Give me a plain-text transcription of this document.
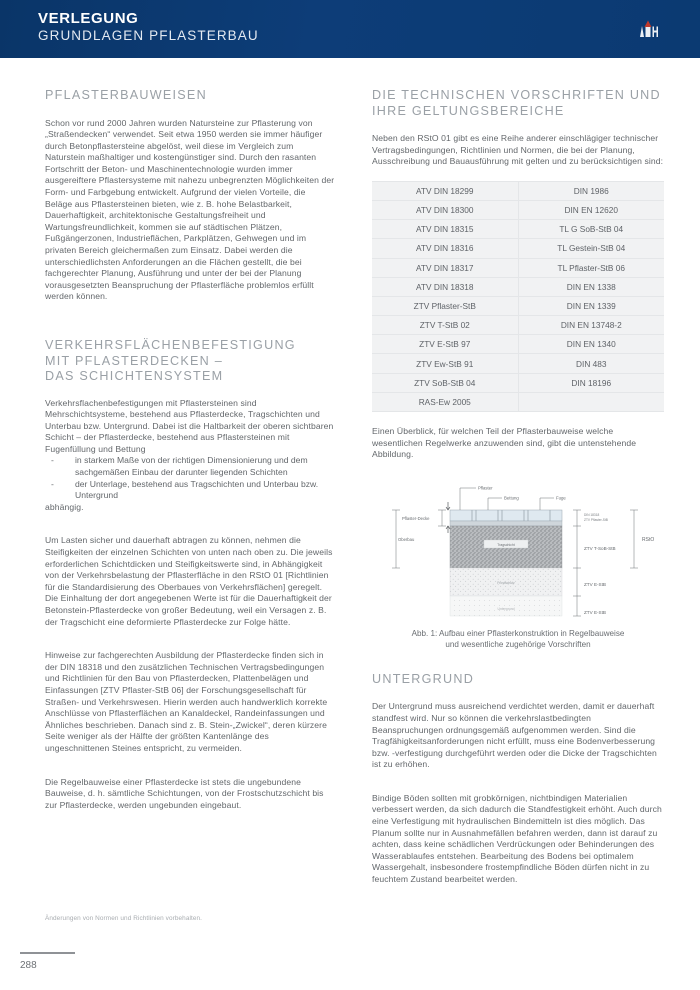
VERLEGUNG
GRUNDLAGEN PFLASTERBAU
PFLASTERBAUWEISEN

Schon vor rund 2000 Jahren wurden Natursteine zur Pflasterung von „Straßendecken“ verwendet. Seit etwa 1950 werden sie immer häufiger durch Betonpflastersteine abgelöst, weil diese im Vergleich zum Naturstein maßhaltiger und kostengünstiger sind. Durch den rasanten Fortschritt der Beton- und Maschinentechnologie wurden immer ausgereiftere Pflastersysteme mit nahezu unbegrenzten Möglichkeiten der Form- und Farbgebung entwickelt. Aufgrund der vielen Vorteile, die Beläge aus Pflastersteinen bieten, wie z. B. hohe Belastbarkeit, Dauerhaftigkeit, architektonische Gestaltungsfreiheit und Wartungsfreundlichkeit, kommen sie auf städtischen Plätzen, Fußgängerzonen, Industrieflächen, Parkplätzen, Gehwegen und im privaten Bereich gleichermaßen zum Einsatz. Dabei werden die unterschiedlichsten Anforderungen an die Flächen gestellt, die bei fachgerechter Planung, Ausführung und unter der bei der Planung vorausgesetzten Beanspruchung der Pflasterfläche problemlos erfüllt werden können.

VERKEHRSFLÄCHENBEFESTIGUNG
MIT PFLASTERDECKEN –
DAS SCHICHTENSYSTEM

Verkehrsflachenbefestigungen mit Pflastersteinen sind Mehrschichtsysteme, bestehend aus Pflasterdecke, Tragschichten und Unterbau bzw. Untergrund. Dabei ist die Haltbarkeit der oberen sichtbaren Schicht – der Pflasterdecke, bestehend aus Pflastersteinen mit Fugenfüllung und Bettung

- in starkem Maße von der richtigen Dimensionierung und dem sachgemäßen Einbau der darunter liegenden Schichten
- der Unterlage, bestehend aus Tragschichten und Unterbau bzw. Untergrund

abhängig.

Um Lasten sicher und dauerhaft abtragen zu können, nehmen die Steifigkeiten der einzelnen Schichten von unten nach oben zu. Die jeweils erforderlichen Schichtdicken und Steifigkeitswerte sind, in Abhängigkeit von der Verkehrsbelastung der Pflasterfläche in den RStO 01 [Richtlinien für die Standardisierung des Oberbaues von Verkehrsflächen] geregelt. Die Einhaltung der dort angegebenen Werte ist für die Dauerhaftigkeit der Betonstein-Pflasterdecke von großer Bedeutung, weil ein Versagen z. B. der Tragschicht eine deformierte Pflasterdecke zur Folge hätte.

Hinweise zur fachgerechten Ausbildung der Pflasterdecke finden sich in der DIN 18318 und den zusätzlichen Technischen Vertragsbedingungen und Richtlinien für den Bau von Pflasterdecken, Plattenbelägen und Einfassungen [ZTV Pflaster-StB 06] der Forschungsgesellschaft für Straßen- und Verkehrswesen. Hierin werden auch handwerklich korrekte Anschlüsse von Pflasterflächen an Kanaldeckel, Randeinfassungen und Ähnliches beschrieben. Danach sind z. B. Stein-„Zwickel“, deren kürzere Seite weniger als der Hälfte der größten Kantenlänge des ungeschnittenen Steines entspricht, zu vermeiden.

Die Regelbauweise einer Pflasterdecke ist stets die ungebundene Bauweise, d. h. sämtliche Schichtungen, von der Frostschutzschicht bis zur Pflasterdecke, werden ungebunden eingebaut.

DIE TECHNISCHEN VORSCHRIFTEN UND
IHRE GELTUNGSBEREICHE

Neben den RStO 01 gibt es eine Reihe anderer einschlägiger technischer Vertragsbedingungen, Richtlinien und Normen, die bei der Planung, Ausschreibung und Bauausführung mit gelten und zu berücksichtigen sind:

ATV DIN 18299	DIN 1986
ATV DIN 18300	DIN EN 12620
ATV DIN 18315	TL G SoB-StB 04
ATV DIN 18316	TL Gestein-StB 04
ATV DIN 18317	TL Pflaster-StB 06
ATV DIN 18318	DIN EN 1338
ZTV Pflaster-StB	DIN EN 1339
ZTV T-StB 02	DIN EN 13748-2
ZTV E-StB 97	DIN EN 1340
ZTV Ew-StB 91	DIN 483
ZTV SoB-StB 04	DIN 18196
RAS-Ew 2005	

Einen Überblick, für welchen Teil der Pflasterbauweise welche wesentlichen Regelwerke anzuwenden sind, gibt die untenstehende Abbildung.

Tragschicht
Frostschutz
Untergrund
Pflaster
Bettung	Fuge
Pflaster-Decke
Oberbau
DIN 18318
ZTV Pflaster-StB
ZTV T-SoB-StB
ZTV E-StB
ZTV E-StB
RStO
Abb. 1: Aufbau einer Pflasterkonstruktion in Regelbauweise
und wesentliche zugehörige Vorschriften
UNTERGRUND

Der Untergrund muss ausreichend verdichtet werden, damit er dauerhaft standfest wird. Nur so können die verkehrslastbedingten Beanspruchungen ordnungsgemäß aufgenommen werden. Sind die Tragfähigkeitsanforderungen nicht erfüllt, muss eine Bodenverbesserung bzw. -verfestigung durchgeführt werden oder die Dicke der Tragschichten ist zu erhöhen.

Bindige Böden sollten mit grobkörnigen, nichtbindigen Materialien verbessert werden, da sich dadurch die Standfestigkeit erhöht. Auch durch eine Verfestigung mit hydraulischen Bindemitteln ist dies möglich. Das Planum sollte nur in Ausnahmefällen befahren werden, dann ist darauf zu achten, dass keine schädlichen Verdrückungen oder Behinderungen des Wasserablaufes entstehen. Bearbeitung des Bodens bei optimalem Wassergehalt, insbesondere frostempfindliche Böden dürfen nicht in zu feuchtem Zustand bearbeitet werden.

Änderungen von Normen und Richtlinien vorbehalten.
288
